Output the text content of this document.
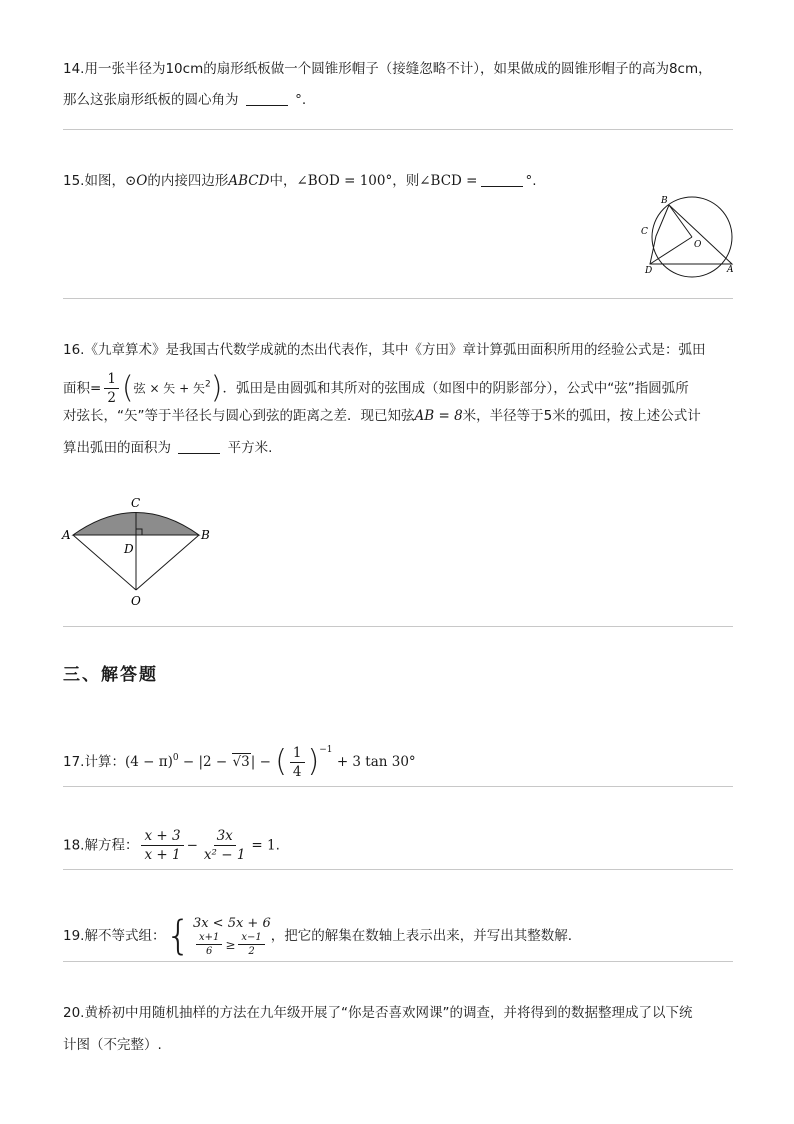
14.用一张半径为10cm的扇形纸板做一个圆锥形帽子（接缝忽略不计），如果做成的圆锥形帽子的高为8cm，
那么这张扇形纸板的圆心角为	°.
15.如图，⊙O的内接四边形ABCD中，∠BOD = 100°，则∠BCD =	°.
B
C
O
D	A
16.《九章算术》是我国古代数学成就的杰出代表作，其中《方田》章计算弧田面积所用的经验公式是：弧田
面积= $\frac{1}{2}$ (弦 × 矢 + 矢$^2$)．弧田是由圆弧和其所对的弦围成（如图中的阴影部分），公式中“弦”指圆弧所
对弦长，“矢”等于半径长与圆心到弦的距离之差．现已知弦AB = 8米，半径等于5米的弧田，按上述公式计
算出弧田的面积为	平方米.
A	B
C
D
O
三、解答题
17.计算：$(4 - \pi)^0 - |2 - √3|$ − ( $\frac{1}{4} )^{-1} + 3$ tan 30°
18.解方程： $\frac{x + 3}{x + 1} - \frac{3x}{\text{x² − 1}} = 1$.
19.解不等式组： { 3x < 5x + 6
$\frac{x+1}{6} \ge \frac{x-1}{2}$ ，把它的解集在数轴上表示出来，并写出其整数解.
20.黄桥初中用随机抽样的方法在九年级开展了“你是否喜欢网课”的调查，并将得到的数据整理成了以下统
计图（不完整）.
